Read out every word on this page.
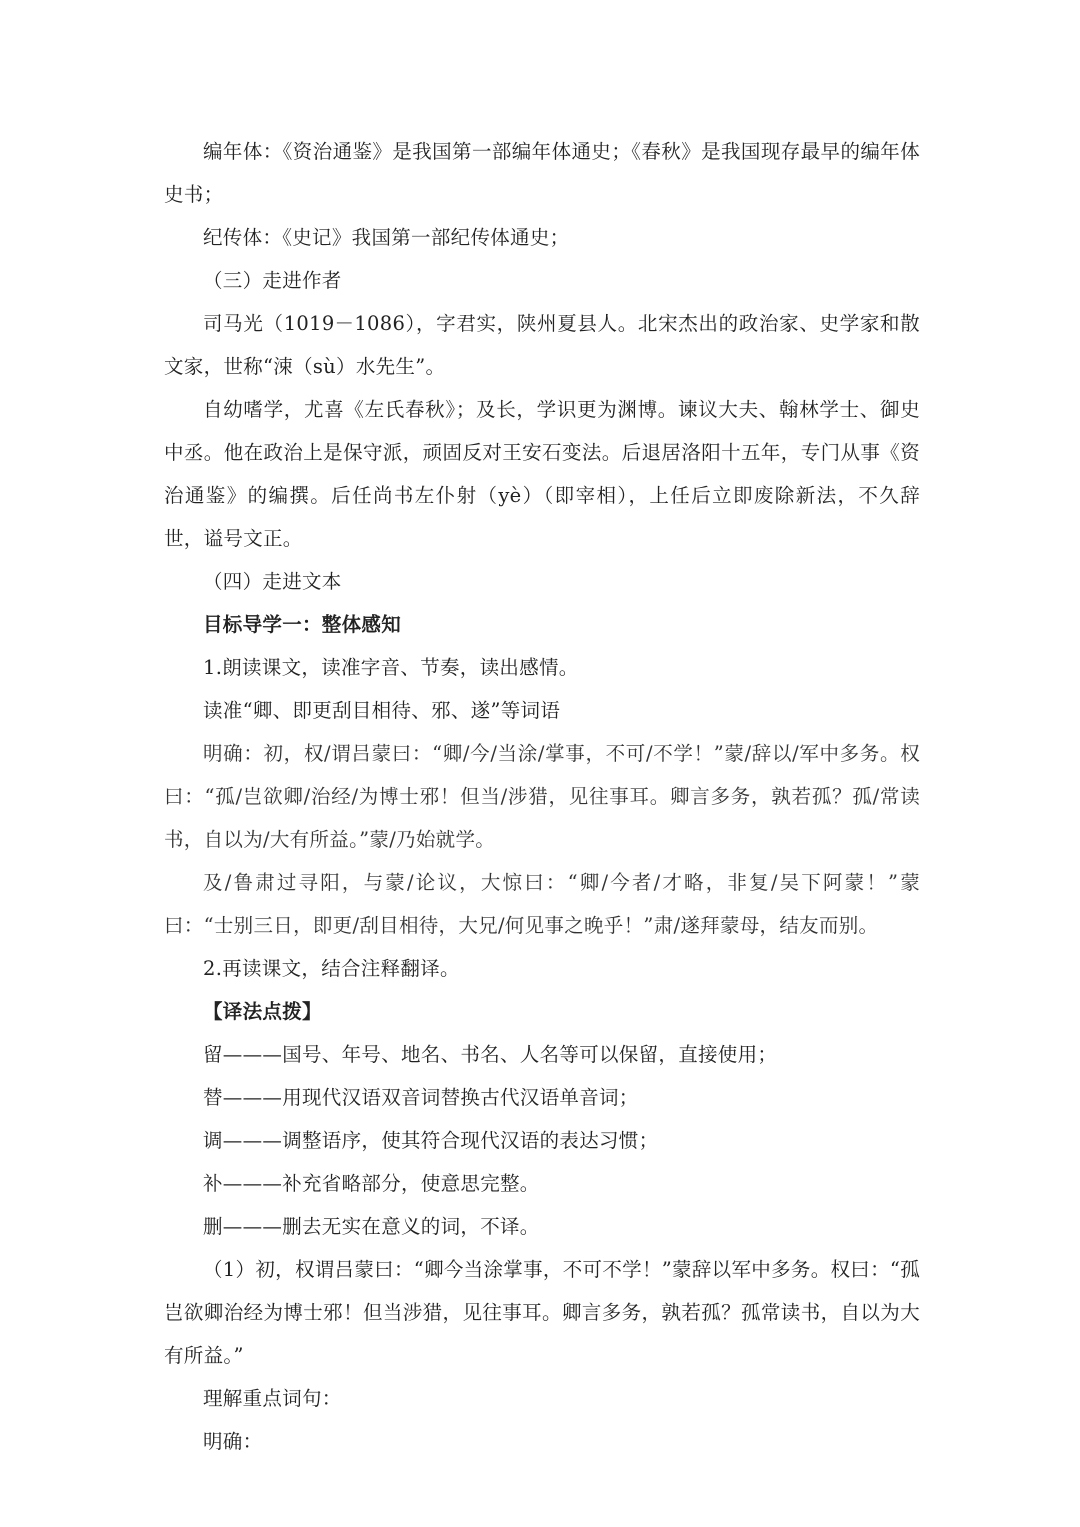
编年体：《资治通鉴》是我国第一部编年体通史；《春秋》是我国现存最早的编年体史书；

纪传体：《史记》我国第一部纪传体通史；

（三）走进作者

司马光（1019－1086），字君实，陕州夏县人。北宋杰出的政治家、史学家和散文家，世称“涑（sù）水先生”。

自幼嗜学，尤喜《左氏春秋》；及长，学识更为渊博。谏议大夫、翰林学士、御史中丞。他在政治上是保守派，顽固反对王安石变法。后退居洛阳十五年，专门从事《资治通鉴》的编撰。后任尚书左仆射（yè）（即宰相），上任后立即废除新法，不久辞世，谥号文正。

（四）走进文本

目标导学一：整体感知

1.朗读课文，读准字音、节奏，读出感情。

读准“卿、即更刮目相待、邪、遂”等词语

明确：初，权/谓吕蒙曰：“卿/今/当涂/掌事，不可/不学！”蒙/辞以/军中多务。权曰：“孤/岂欲卿/治经/为博士邪！但当/涉猎，见往事耳。卿言多务，孰若孤？孤/常读书，自以为/大有所益。”蒙/乃始就学。

及/鲁肃过寻阳，与蒙/论议，大惊曰：“卿/今者/才略，非复/吴下阿蒙！”蒙曰：“士别三日，即更/刮目相待，大兄/何见事之晚乎！”肃/遂拜蒙母，结友而别。

2.再读课文，结合注释翻译。

【译法点拨】

留———国号、年号、地名、书名、人名等可以保留，直接使用；

替———用现代汉语双音词替换古代汉语单音词；

调———调整语序，使其符合现代汉语的表达习惯；

补———补充省略部分，使意思完整。

删———删去无实在意义的词，不译。

（1）初，权谓吕蒙曰：“卿今当涂掌事，不可不学！”蒙辞以军中多务。权曰：“孤岂欲卿治经为博士邪！但当涉猎，见往事耳。卿言多务，孰若孤？孤常读书，自以为大有所益。”

理解重点词句：

明确：
